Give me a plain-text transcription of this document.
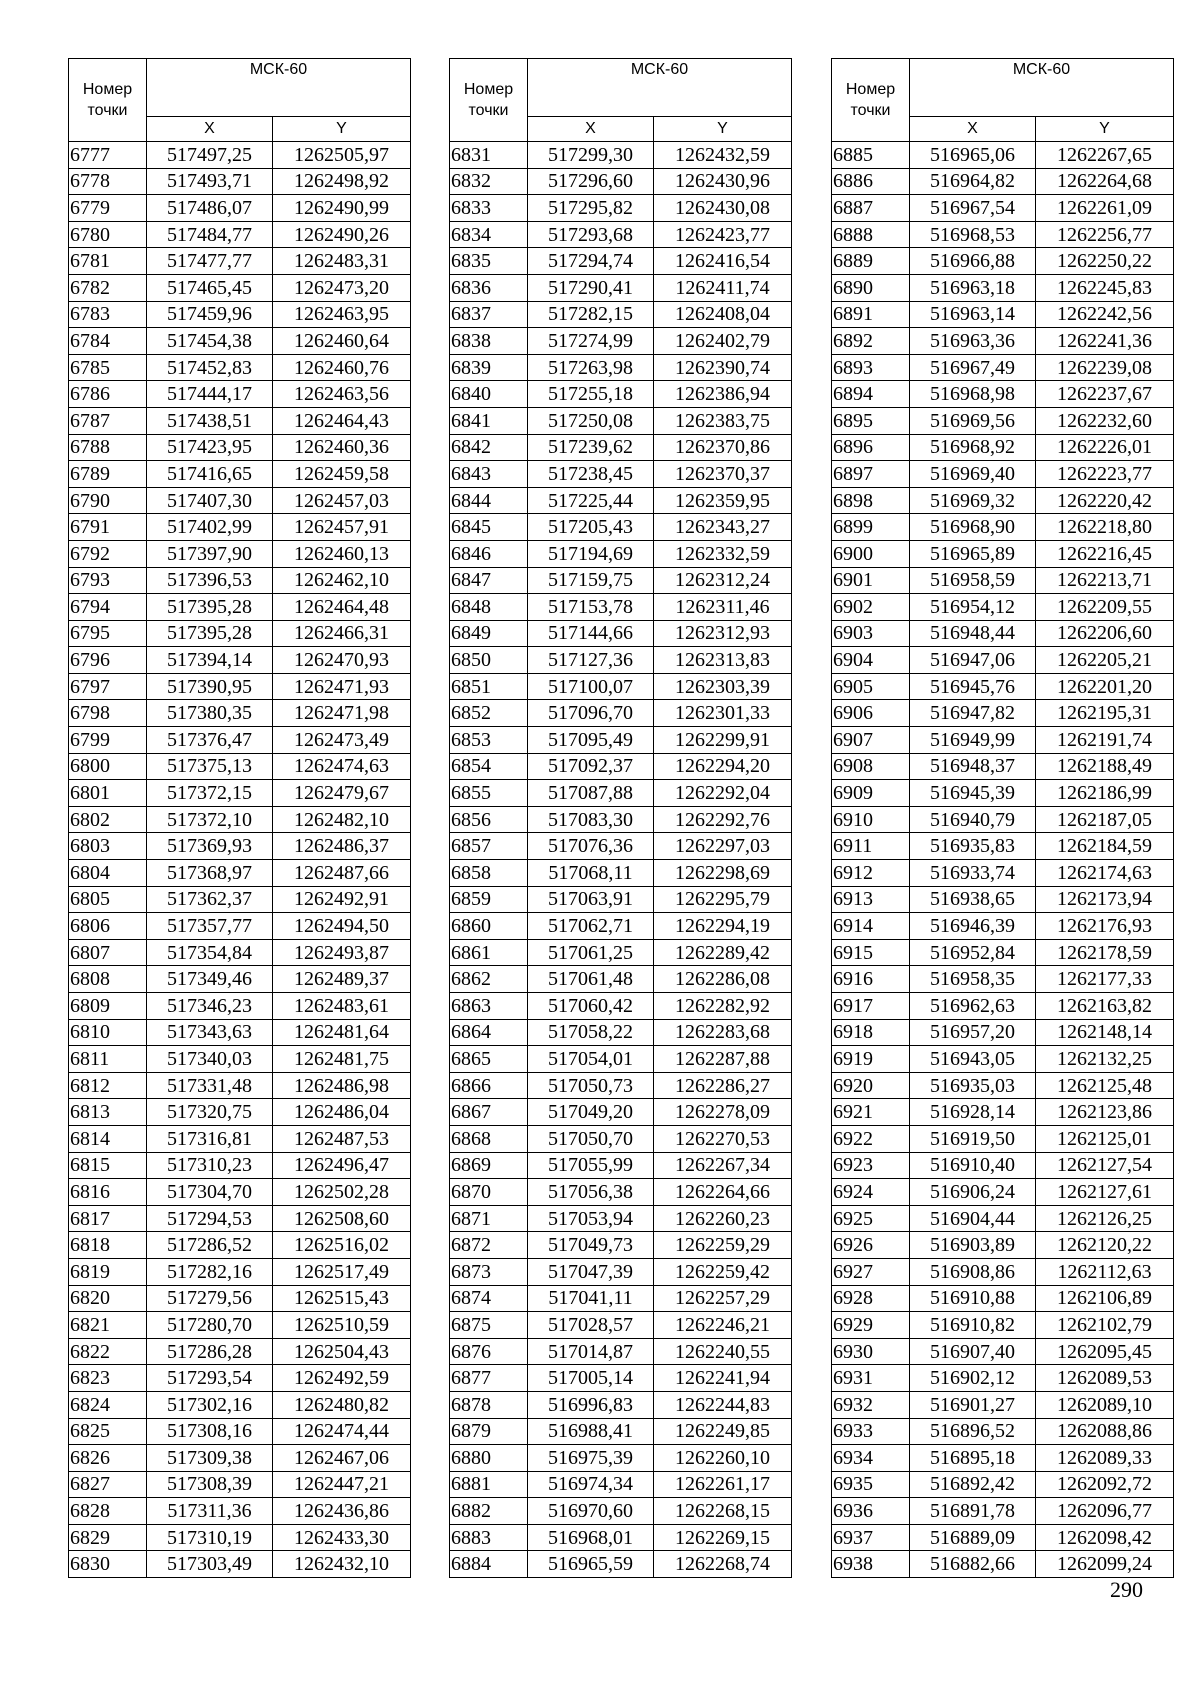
Номер
точки	МСК-60	
	X	Y
6777	517497,25	1262505,97
6778	517493,71	1262498,92
6779	517486,07	1262490,99
6780	517484,77	1262490,26
6781	517477,77	1262483,31
6782	517465,45	1262473,20
6783	517459,96	1262463,95
6784	517454,38	1262460,64
6785	517452,83	1262460,76
6786	517444,17	1262463,56
6787	517438,51	1262464,43
6788	517423,95	1262460,36
6789	517416,65	1262459,58
6790	517407,30	1262457,03
6791	517402,99	1262457,91
6792	517397,90	1262460,13
6793	517396,53	1262462,10
6794	517395,28	1262464,48
6795	517395,28	1262466,31
6796	517394,14	1262470,93
6797	517390,95	1262471,93
6798	517380,35	1262471,98
6799	517376,47	1262473,49
6800	517375,13	1262474,63
6801	517372,15	1262479,67
6802	517372,10	1262482,10
6803	517369,93	1262486,37
6804	517368,97	1262487,66
6805	517362,37	1262492,91
6806	517357,77	1262494,50
6807	517354,84	1262493,87
6808	517349,46	1262489,37
6809	517346,23	1262483,61
6810	517343,63	1262481,64
6811	517340,03	1262481,75
6812	517331,48	1262486,98
6813	517320,75	1262486,04
6814	517316,81	1262487,53
6815	517310,23	1262496,47
6816	517304,70	1262502,28
6817	517294,53	1262508,60
6818	517286,52	1262516,02
6819	517282,16	1262517,49
6820	517279,56	1262515,43
6821	517280,70	1262510,59
6822	517286,28	1262504,43
6823	517293,54	1262492,59
6824	517302,16	1262480,82
6825	517308,16	1262474,44
6826	517309,38	1262467,06
6827	517308,39	1262447,21
6828	517311,36	1262436,86
6829	517310,19	1262433,30
6830	517303,49	1262432,10
Номер
точки	МСК-60	
	X	Y
6831	517299,30	1262432,59
6832	517296,60	1262430,96
6833	517295,82	1262430,08
6834	517293,68	1262423,77
6835	517294,74	1262416,54
6836	517290,41	1262411,74
6837	517282,15	1262408,04
6838	517274,99	1262402,79
6839	517263,98	1262390,74
6840	517255,18	1262386,94
6841	517250,08	1262383,75
6842	517239,62	1262370,86
6843	517238,45	1262370,37
6844	517225,44	1262359,95
6845	517205,43	1262343,27
6846	517194,69	1262332,59
6847	517159,75	1262312,24
6848	517153,78	1262311,46
6849	517144,66	1262312,93
6850	517127,36	1262313,83
6851	517100,07	1262303,39
6852	517096,70	1262301,33
6853	517095,49	1262299,91
6854	517092,37	1262294,20
6855	517087,88	1262292,04
6856	517083,30	1262292,76
6857	517076,36	1262297,03
6858	517068,11	1262298,69
6859	517063,91	1262295,79
6860	517062,71	1262294,19
6861	517061,25	1262289,42
6862	517061,48	1262286,08
6863	517060,42	1262282,92
6864	517058,22	1262283,68
6865	517054,01	1262287,88
6866	517050,73	1262286,27
6867	517049,20	1262278,09
6868	517050,70	1262270,53
6869	517055,99	1262267,34
6870	517056,38	1262264,66
6871	517053,94	1262260,23
6872	517049,73	1262259,29
6873	517047,39	1262259,42
6874	517041,11	1262257,29
6875	517028,57	1262246,21
6876	517014,87	1262240,55
6877	517005,14	1262241,94
6878	516996,83	1262244,83
6879	516988,41	1262249,85
6880	516975,39	1262260,10
6881	516974,34	1262261,17
6882	516970,60	1262268,15
6883	516968,01	1262269,15
6884	516965,59	1262268,74
Номер
точки	МСК-60	
	X	Y
6885	516965,06	1262267,65
6886	516964,82	1262264,68
6887	516967,54	1262261,09
6888	516968,53	1262256,77
6889	516966,88	1262250,22
6890	516963,18	1262245,83
6891	516963,14	1262242,56
6892	516963,36	1262241,36
6893	516967,49	1262239,08
6894	516968,98	1262237,67
6895	516969,56	1262232,60
6896	516968,92	1262226,01
6897	516969,40	1262223,77
6898	516969,32	1262220,42
6899	516968,90	1262218,80
6900	516965,89	1262216,45
6901	516958,59	1262213,71
6902	516954,12	1262209,55
6903	516948,44	1262206,60
6904	516947,06	1262205,21
6905	516945,76	1262201,20
6906	516947,82	1262195,31
6907	516949,99	1262191,74
6908	516948,37	1262188,49
6909	516945,39	1262186,99
6910	516940,79	1262187,05
6911	516935,83	1262184,59
6912	516933,74	1262174,63
6913	516938,65	1262173,94
6914	516946,39	1262176,93
6915	516952,84	1262178,59
6916	516958,35	1262177,33
6917	516962,63	1262163,82
6918	516957,20	1262148,14
6919	516943,05	1262132,25
6920	516935,03	1262125,48
6921	516928,14	1262123,86
6922	516919,50	1262125,01
6923	516910,40	1262127,54
6924	516906,24	1262127,61
6925	516904,44	1262126,25
6926	516903,89	1262120,22
6927	516908,86	1262112,63
6928	516910,88	1262106,89
6929	516910,82	1262102,79
6930	516907,40	1262095,45
6931	516902,12	1262089,53
6932	516901,27	1262089,10
6933	516896,52	1262088,86
6934	516895,18	1262089,33
6935	516892,42	1262092,72
6936	516891,78	1262096,77
6937	516889,09	1262098,42
6938	516882,66	1262099,24
290
